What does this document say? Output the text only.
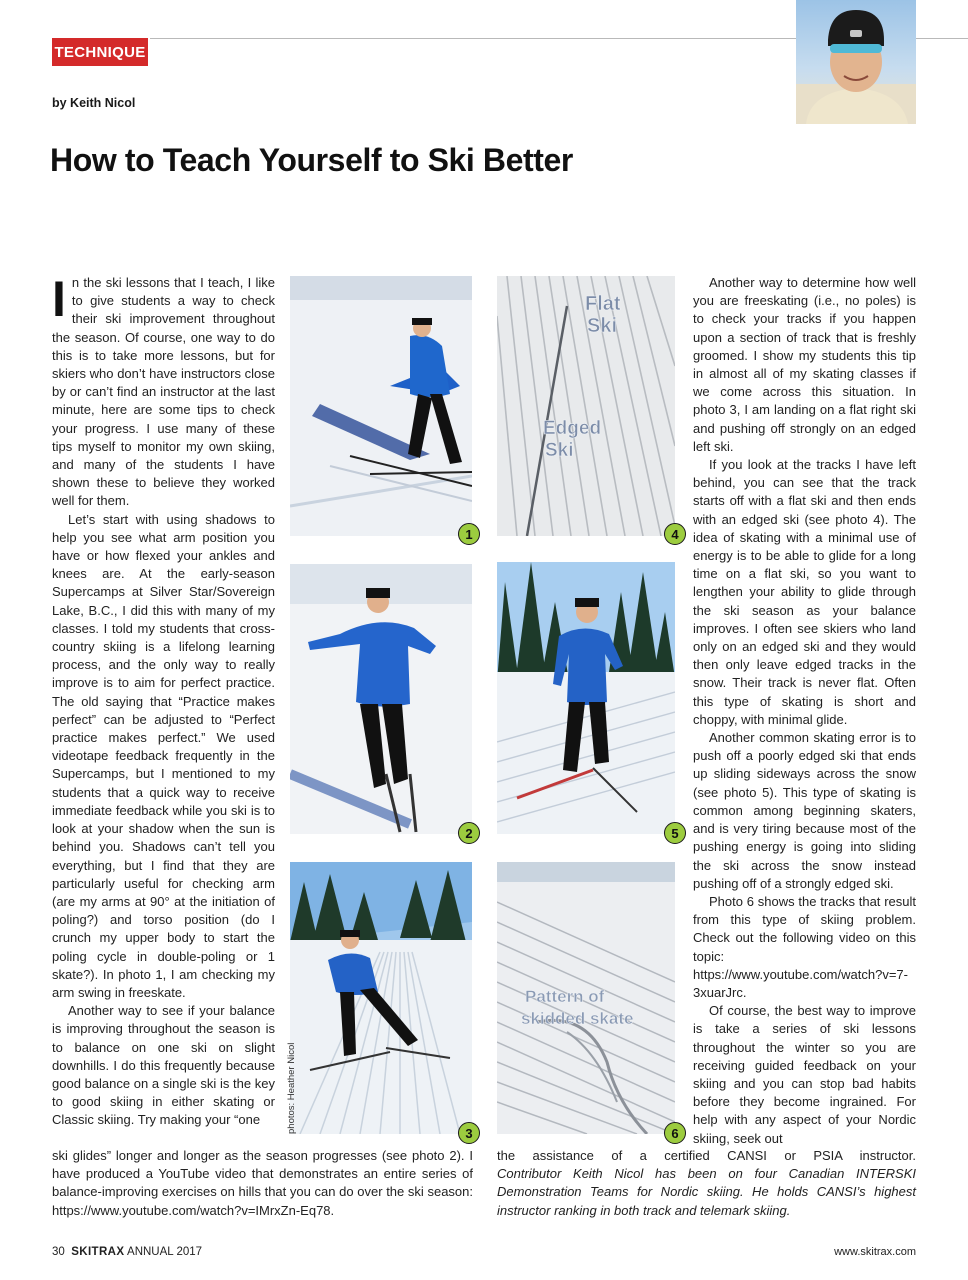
TECHNIQUE
by Keith Nicol
How to Teach Yourself to Ski Better
1
2
3
photos: Heather Nicol
Flat
Ski
Edged
Ski
4
5
Pattern of
skidded skate
6

In the ski lessons that I teach, I like to give students a way to check their ski improvement throughout the season. Of course, one way to do this is to take more lessons, but for skiers who don’t have instructors close by or can’t find an instructor at the last minute, here are some tips to check your progress. I use many of these tips myself to monitor my own skiing, and many of the students I have shown these to believe they worked well for them.

Let’s start with using shadows to help you see what arm position you have or how flexed your ankles and knees are. At the early-season Supercamps at Silver Star/Sovereign Lake, B.C., I did this with many of my classes. I told my students that cross-country skiing is a lifelong learning process, and the only way to really improve is to aim for perfect practice. The old saying that “Practice makes perfect” can be adjusted to “Perfect practice makes perfect.” We used videotape feedback frequently in the Supercamps, but I mentioned to my students that a quick way to receive immediate feedback while you ski is to look at your shadow when the sun is behind you. Shadows can’t tell you everything, but I find that they are particularly useful for checking arm (are my arms at 90° at the initiation of poling?) and torso position (do I crunch my upper body to start the poling cycle in double-poling or 1 skate?). In photo 1, I am checking my arm swing in freeskate.

Another way to see if your balance is improving throughout the season is to balance on one ski on slight downhills. I do this frequently because good balance on a single ski is the key to good skiing in either skating or Classic skiing. Try making your “one

ski glides” longer and longer as the season progresses (see photo 2). I have produced a YouTube video that demonstrates an entire series of balance-improving exercises on hills that you can do over the ski season: https://www.youtube.com/watch?v=IMrxZn-Eq78.

Another way to determine how well you are freeskating (i.e., no poles) is to check your tracks if you happen upon a section of track that is freshly groomed. I show my students this tip in almost all of my skating classes if we come across this situation. In photo 3, I am landing on a flat right ski and pushing off strongly on an edged left ski.

If you look at the tracks I have left behind, you can see that the track starts off with a flat ski and then ends with an edged ski (see photo 4). The idea of skating with a minimal use of energy is to be able to glide for a long time on a flat ski, so you want to lengthen your ability to glide through the ski season as your balance improves. I often see skiers who land only on an edged ski and they would then only leave edged tracks in the snow. Their track is never flat. Often this type of skating is short and choppy, with minimal glide.

Another common skating error is to push off a poorly edged ski that ends up sliding sideways across the snow (see photo 5). This type of skating is common among beginning skaters, and is very tiring because most of the pushing energy is going into sliding the ski across the snow instead pushing off of a strongly edged ski.

Photo 6 shows the tracks that result from this type of skiing problem. Check out the following video on this topic: https://www.youtube.com/watch?v=7-3xuarJrc.

Of course, the best way to improve is take a series of ski lessons throughout the winter so you are receiving guided feedback on your skiing and you can stop bad habits before they become ingrained. For help with any aspect of your Nordic skiing, seek out

the assistance of a certified CANSI or PSIA instructor.
Contributor Keith Nicol has been on four Canadian INTERSKI Demonstration Teams for Nordic skiing. He holds CANSI’s highest instructor ranking in both track and telemark skiing.
30 SKITRAX ANNUAL 2017	www.skitrax.com
